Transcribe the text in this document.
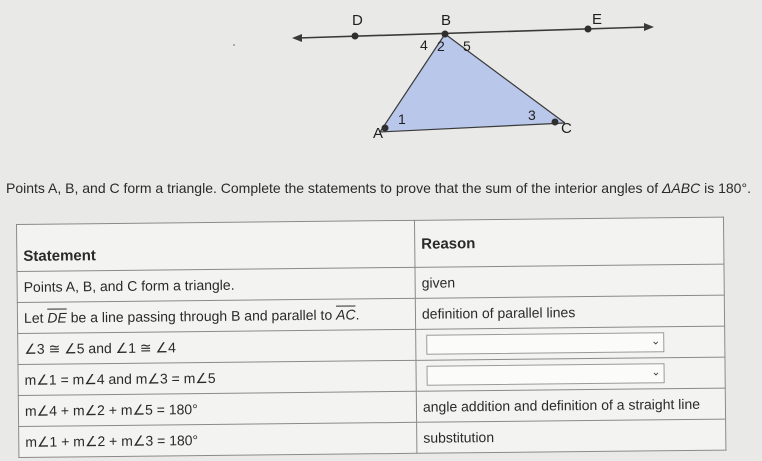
D	B	E
A	C
4 2 5
1	3
Points A, B, and C form a triangle. Complete the statements to prove that the sum of the interior angles of ΔABC is 180°.
Statement	Reason
Points A, B, and C form a triangle.	given
Let $\overline{DE}$ be a line passing through B and parallel to $\overline{AC}$.	definition of parallel lines
∠3 ≅ ∠5 and ∠1 ≅ ∠4	⌄

m∠1 = m∠4 and m∠3 = m∠5	⌄

m∠4 + m∠2 + m∠5 = 180°	angle addition and definition of a straight line
m∠1 + m∠2 + m∠3 = 180°	substitution
